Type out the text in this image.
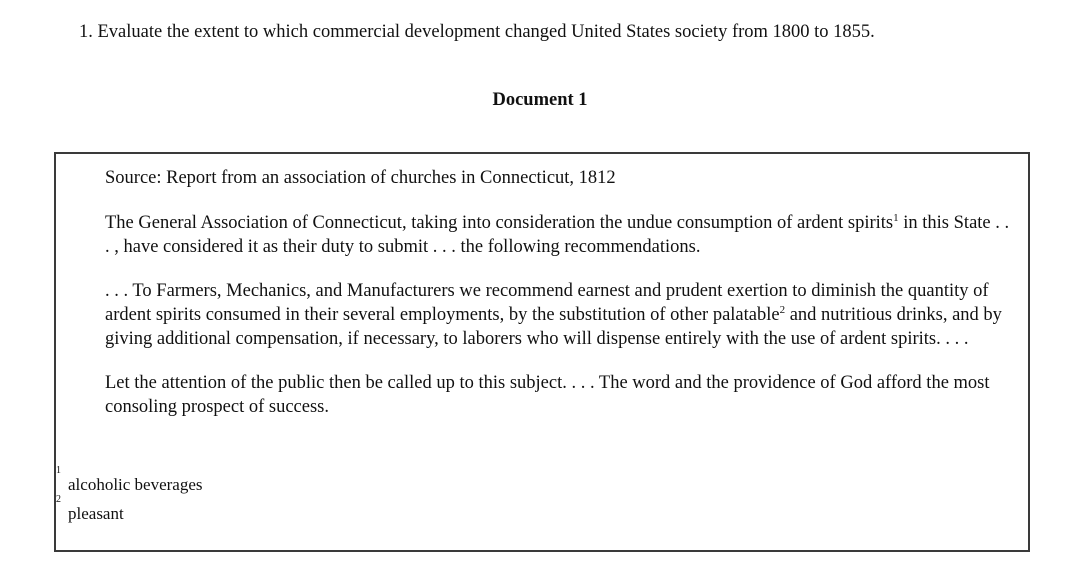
1. Evaluate the extent to which commercial development changed United States society from 1800 to 1855.
Document 1

Source: Report from an association of churches in Connecticut, 1812

The General Association of Connecticut, taking into consideration the undue consumption of ardent spirits$^1$ in this State . . . , have considered it as their duty to submit . . . the following recommendations.

. . . To Farmers, Mechanics, and Manufacturers we recommend earnest and prudent exertion to diminish the quantity of ardent spirits consumed in their several employments, by the substitution of other palatable$^2$ and nutritious drinks, and by giving additional compensation, if necessary, to laborers who will dispense entirely with the use of ardent spirits. . . .

Let the attention of the public then be called up to this subject. . . . The word and the providence of God afford the most consoling prospect of success.

1
alcoholic beverages
2
pleasant
